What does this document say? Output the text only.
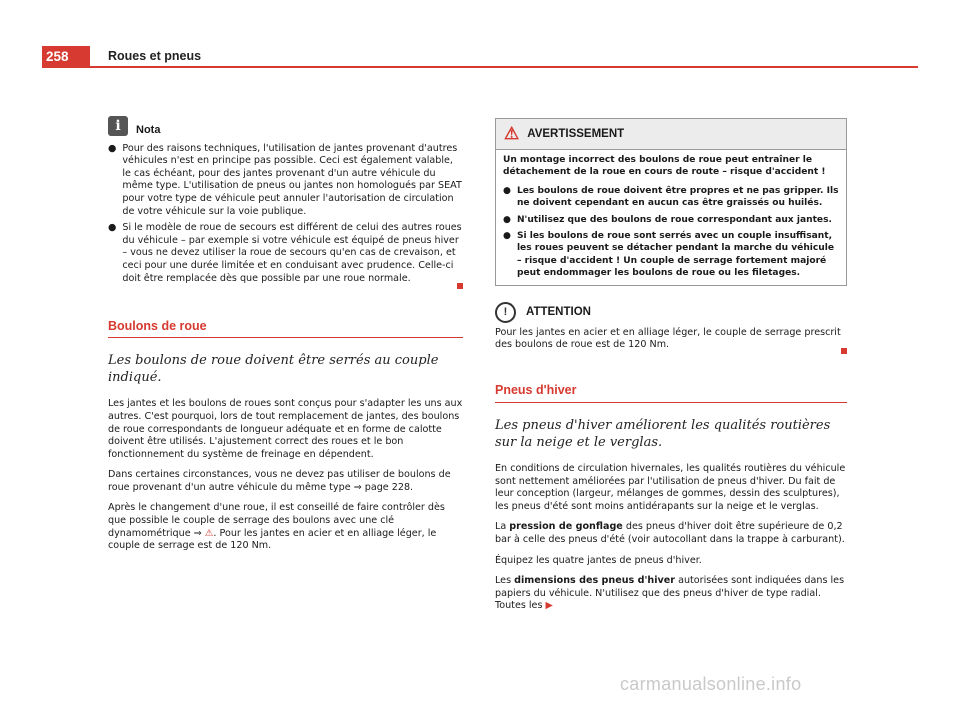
258	Roues et pneus
i	Nota
● Pour des raisons techniques, l'utilisation de jantes provenant d'autres véhicules n'est en principe pas possible. Ceci est également valable, le cas échéant, pour des jantes provenant d'un autre véhicule du même type. L'utilisation de pneus ou jantes non homologués par SEAT pour votre type de véhicule peut annuler l'autorisation de circulation de votre véhicule sur la voie publique.
● Si le modèle de roue de secours est différent de celui des autres roues du véhicule – par exemple si votre véhicule est équipé de pneus hiver – vous ne devez utiliser la roue de secours qu'en cas de crevaison, et ceci pour une durée limitée et en conduisant avec prudence. Celle-ci doit être remplacée dès que possible par une roue normale.
Boulons de roue
Les boulons de roue doivent être serrés au couple indiqué.

Les jantes et les boulons de roues sont conçus pour s'adapter les uns aux autres. C'est pourquoi, lors de tout remplacement de jantes, des boulons de roue correspondants de longueur adéquate et en forme de calotte doivent être utilisés. L'ajustement correct des roues et le bon fonctionnement du système de freinage en dépendent.

Dans certaines circonstances, vous ne devez pas utiliser de boulons de roue provenant d'un autre véhicule du même type ⇒ page 228.

Après le changement d'une roue, il est conseillé de faire contrôler dès que possible le couple de serrage des boulons avec une clé dynamométrique ⇒ ⚠. Pour les jantes en acier et en alliage léger, le couple de serrage est de 120 Nm.

⚠ AVERTISSEMENT

Un montage incorrect des boulons de roue peut entraîner le détachement de la roue en cours de route – risque d'accident !

● Les boulons de roue doivent être propres et ne pas gripper. Ils ne doivent cependant en aucun cas être graissés ou huilés.
● N'utilisez que des boulons de roue correspondant aux jantes.
● Si les boulons de roue sont serrés avec un couple insuffisant, les roues peuvent se détacher pendant la marche du véhicule – risque d'accident ! Un couple de serrage fortement majoré peut endommager les boulons de roue ou les filetages.
!	ATTENTION

Pour les jantes en acier et en alliage léger, le couple de serrage prescrit des boulons de roue est de 120 Nm.

Pneus d'hiver
Les pneus d'hiver améliorent les qualités routières sur la neige et le verglas.

En conditions de circulation hivernales, les qualités routières du véhicule sont nettement améliorées par l'utilisation de pneus d'hiver. Du fait de leur conception (largeur, mélanges de gommes, dessin des sculptures), les pneus d'été sont moins antidérapants sur la neige et le verglas.

La pression de gonflage des pneus d'hiver doit être supérieure de 0,2 bar à celle des pneus d'été (voir autocollant dans la trappe à carburant).

Équipez les quatre jantes de pneus d'hiver.

Les dimensions des pneus d'hiver autorisées sont indiquées dans les papiers du véhicule. N'utilisez que des pneus d'hiver de type radial. Toutes les ▶

carmanualsonline.info
